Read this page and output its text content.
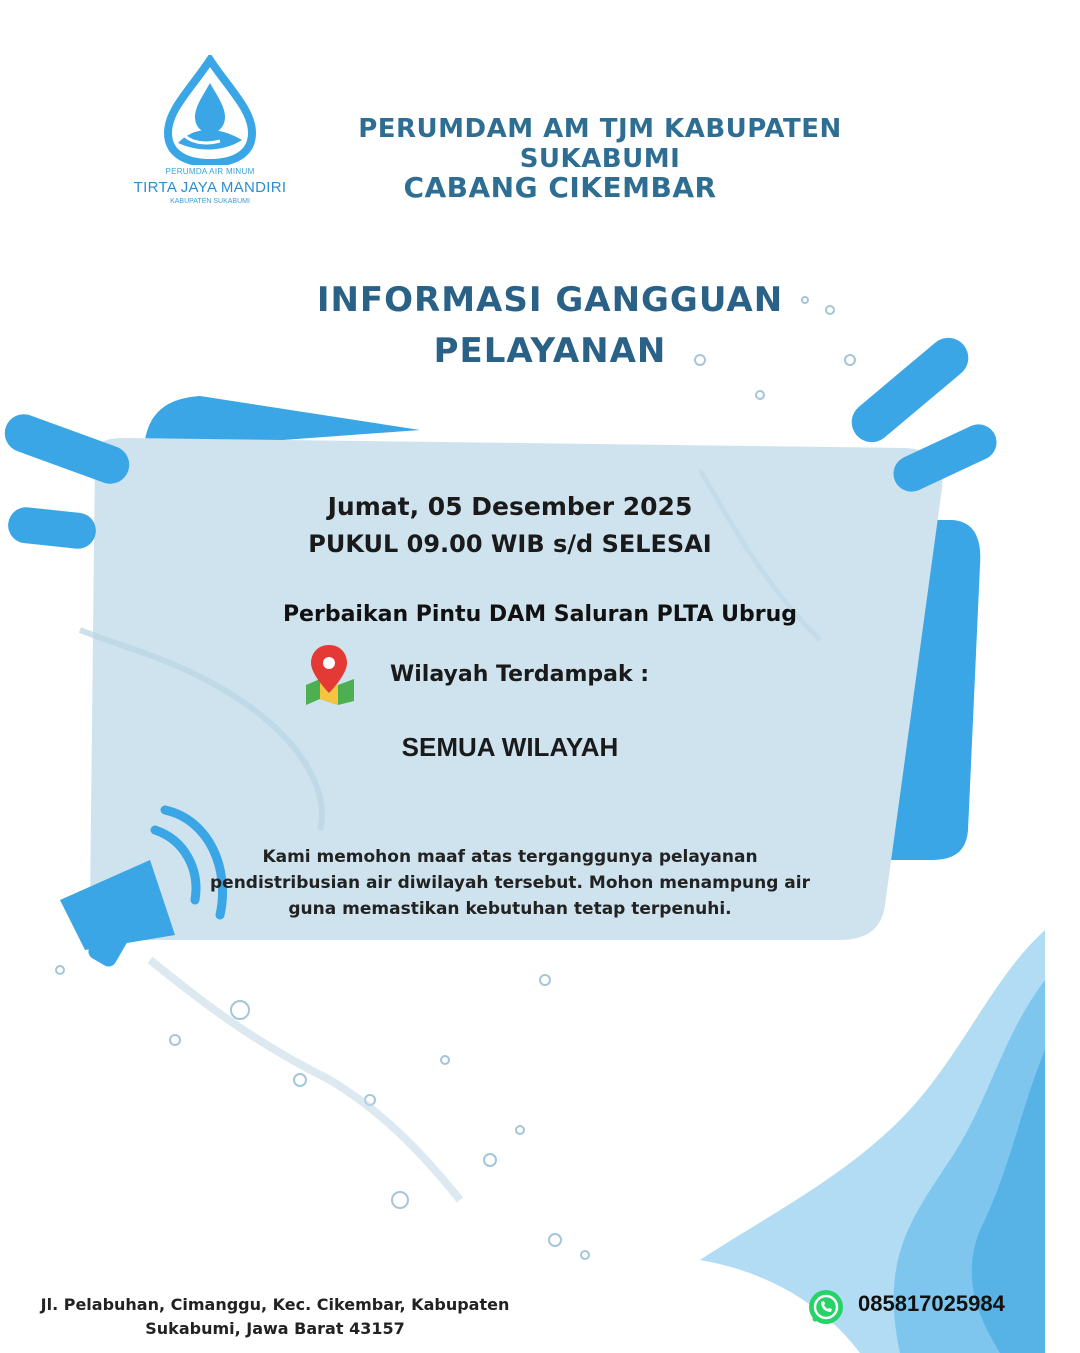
PERUMDA AIR MINUM
TIRTA JAYA MANDIRI
KABUPATEN SUKABUMI
PERUMDAM AM TJM KABUPATEN SUKABUMI
CABANG CIKEMBAR
INFORMASI GANGGUAN
PELAYANAN
Jumat, 05 Desember 2025
PUKUL 09.00 WIB s/d SELESAI
Perbaikan Pintu DAM Saluran PLTA Ubrug
Wilayah Terdampak :
SEMUA WILAYAH
Kami memohon maaf atas terganggunya pelayanan
pendistribusian air diwilayah tersebut. Mohon menampung air
guna memastikan kebutuhan tetap terpenuhi.
Jl. Pelabuhan, Cimanggu, Kec. Cikembar, Kabupaten
Sukabumi, Jawa Barat 43157
085817025984
